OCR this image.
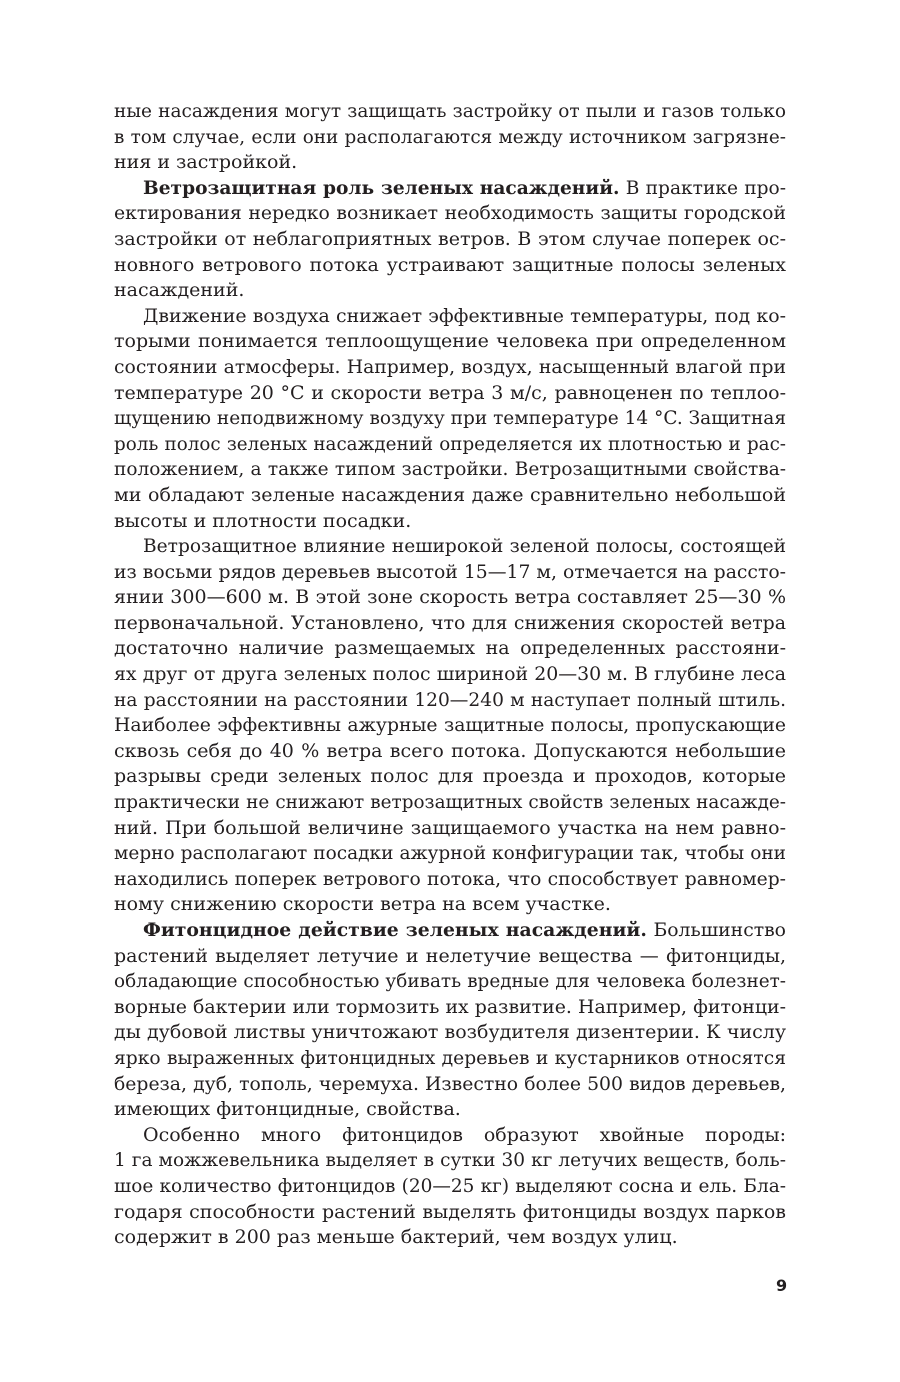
ные насаждения могут защищать застройку от пыли и газов только
в том случае, если они располагаются между источником загрязне-
ния и застройкой.
Ветрозащитная роль зеленых насаждений. В практике про-
ектирования нередко возникает необходимость защиты городской
застройки от неблагоприятных ветров. В этом случае поперек ос-
новного ветрового потока устраивают защитные полосы зеленых
насаждений.
Движение воздуха снижает эффективные температуры, под ко-
торыми понимается теплоощущение человека при определенном
состоянии атмосферы. Например, воздух, насыщенный влагой при
температуре 20 °C и скорости ветра 3 м/с, равноценен по теплоо-
щущению неподвижному воздуху при температуре 14 °C. Защитная
роль полос зеленых насаждений определяется их плотностью и рас-
положением, а также типом застройки. Ветрозащитными свойства-
ми обладают зеленые насаждения даже сравнительно небольшой
высоты и плотности посадки.
Ветрозащитное влияние неширокой зеленой полосы, состоящей
из восьми рядов деревьев высотой 15—17 м, отмечается на рассто-
янии 300—600 м. В этой зоне скорость ветра составляет 25—30 %
первоначальной. Установлено, что для снижения скоростей ветра
достаточно наличие размещаемых на определенных расстояни-
ях друг от друга зеленых полос шириной 20—30 м. В глубине леса
на расстоянии на расстоянии 120—240 м наступает полный штиль.
Наиболее эффективны ажурные защитные полосы, пропускающие
сквозь себя до 40 % ветра всего потока. Допускаются небольшие
разрывы среди зеленых полос для проезда и проходов, которые
практически не снижают ветрозащитных свойств зеленых насажде-
ний. При большой величине защищаемого участка на нем равно-
мерно располагают посадки ажурной конфигурации так, чтобы они
находились поперек ветрового потока, что способствует равномер-
ному снижению скорости ветра на всем участке.
Фитонцидное действие зеленых насаждений. Большинство
растений выделяет летучие и нелетучие вещества — фитонциды,
обладающие способностью убивать вредные для человека болезнет-
ворные бактерии или тормозить их развитие. Например, фитонци-
ды дубовой листвы уничтожают возбудителя дизентерии. К числу
ярко выраженных фитонцидных деревьев и кустарников относятся
береза, дуб, тополь, черемуха. Известно более 500 видов деревьев,
имеющих фитонцидные, свойства.
Особенно много фитонцидов образуют хвойные породы:
1 га можжевельника выделяет в сутки 30 кг летучих веществ, боль-
шое количество фитонцидов (20—25 кг) выделяют сосна и ель. Бла-
годаря способности растений выделять фитонциды воздух парков
содержит в 200 раз меньше бактерий, чем воздух улиц.
9
